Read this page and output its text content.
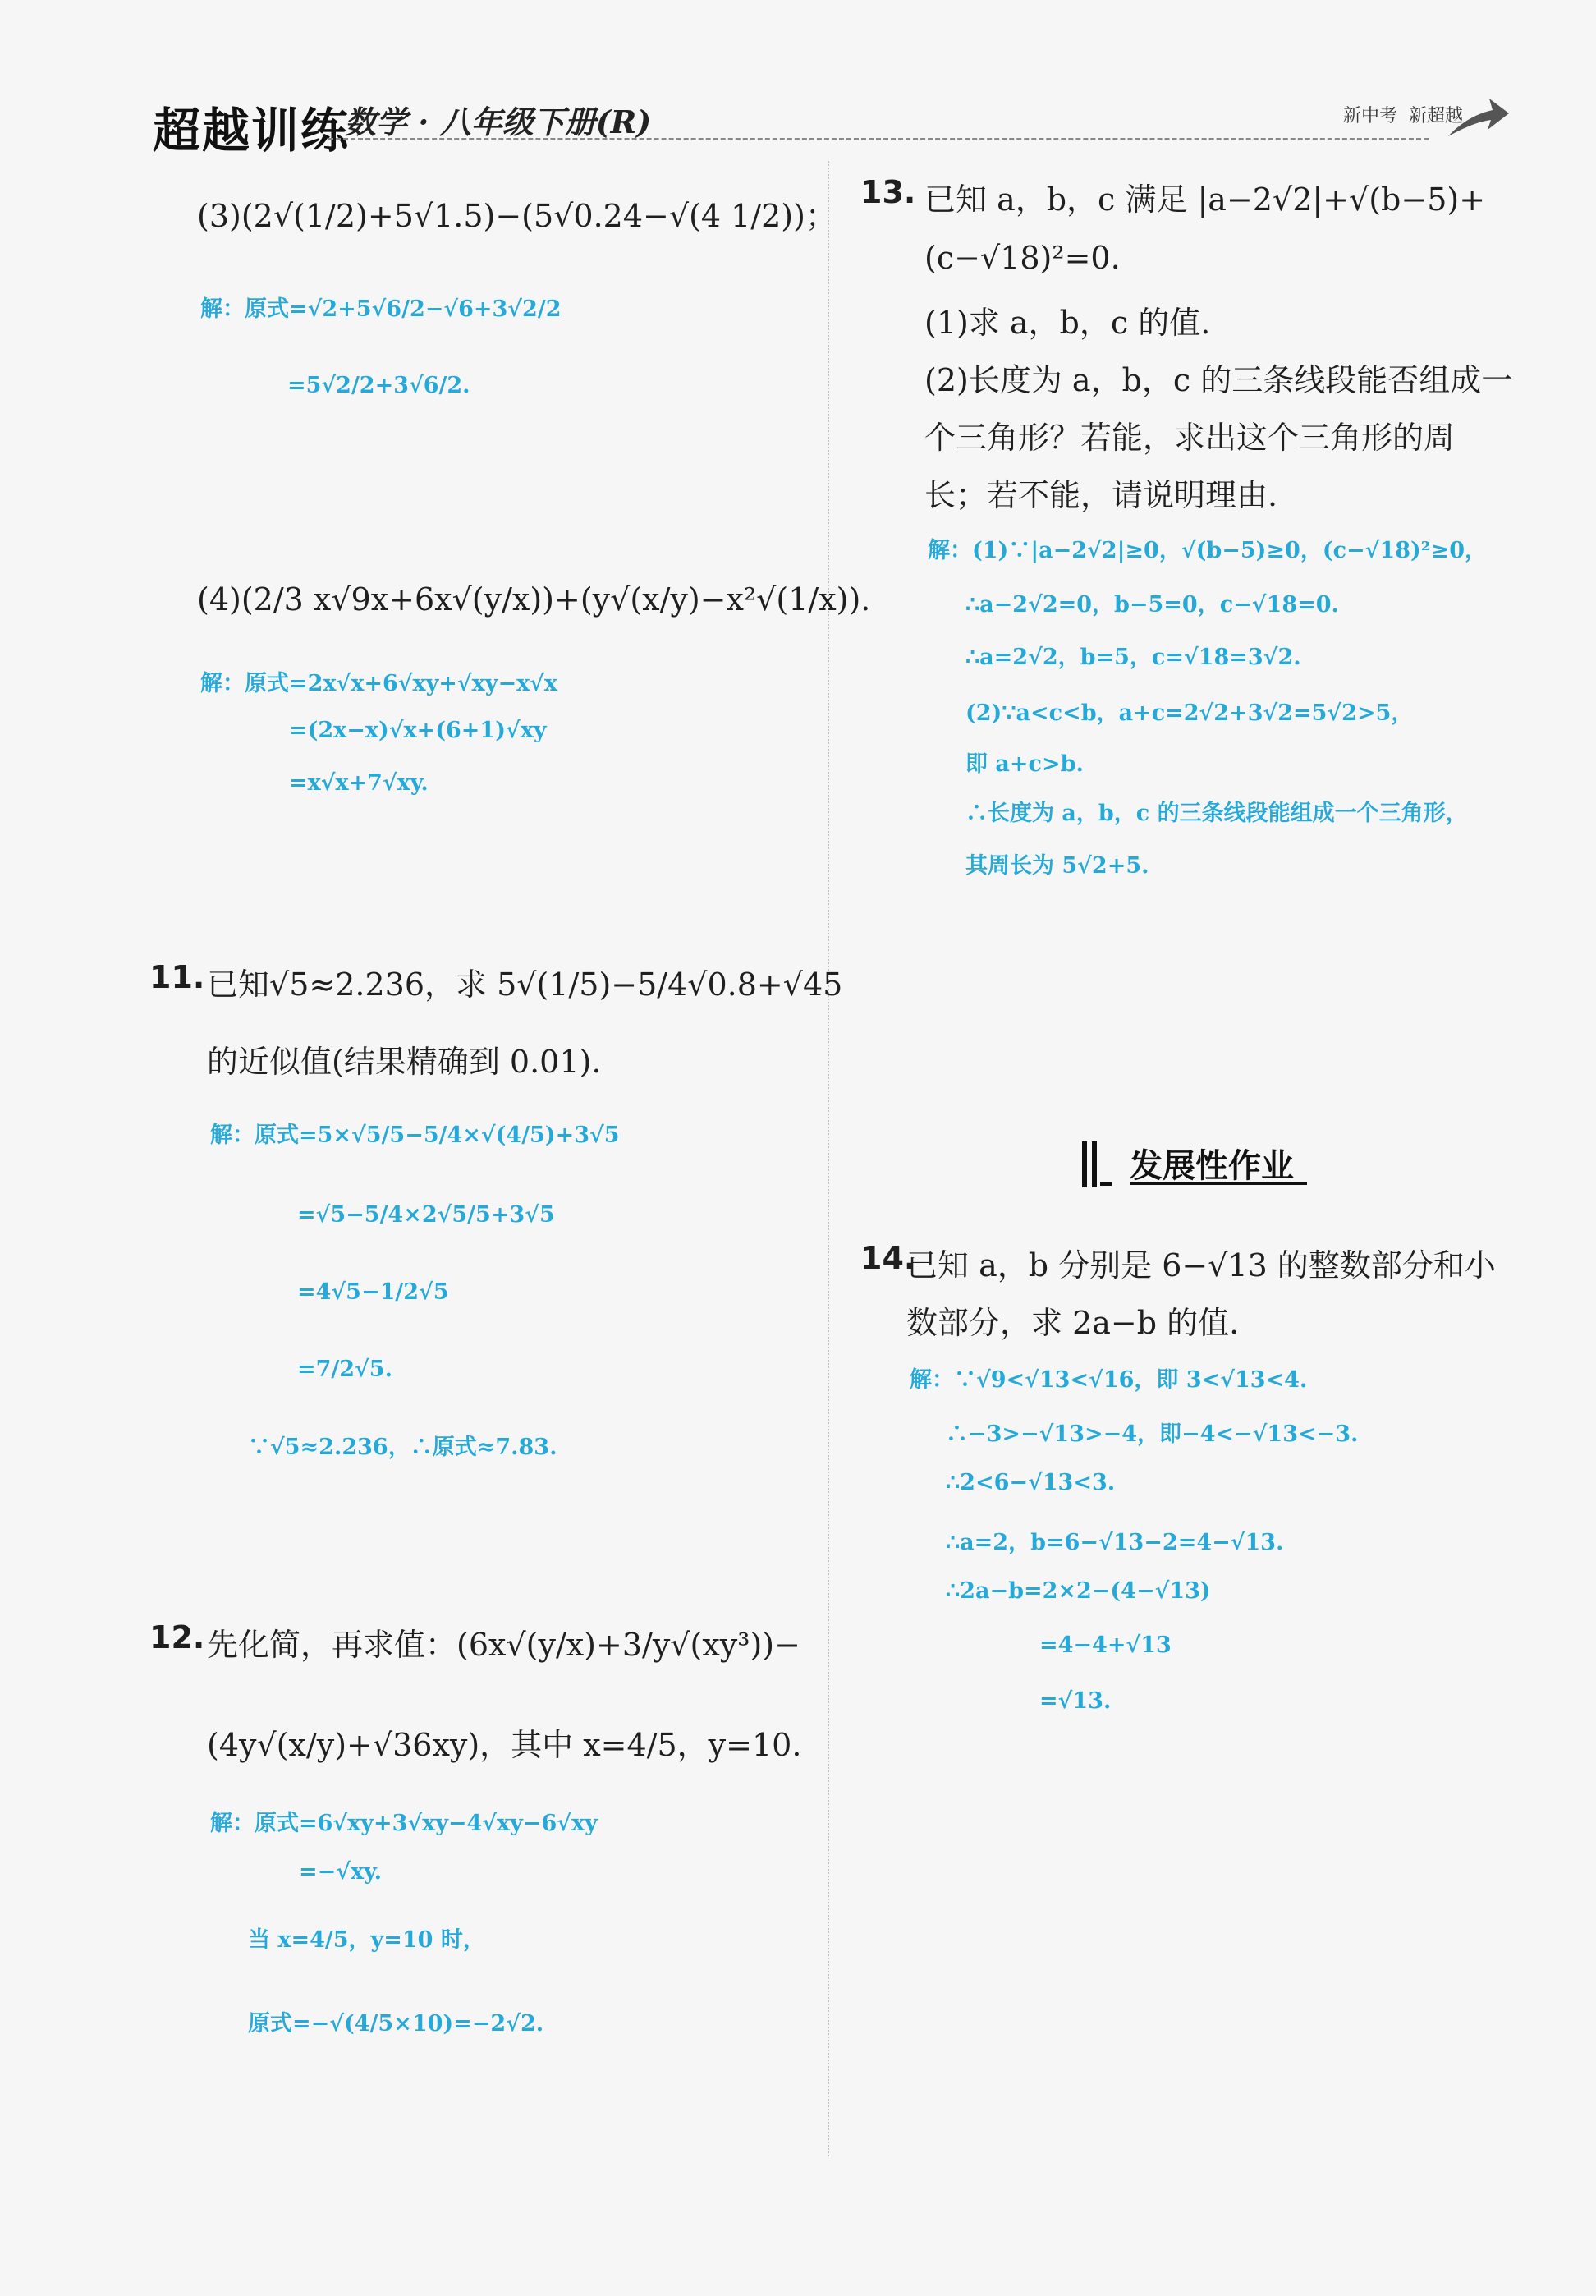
超越训练
数学 · 八年级下册(R)	新中考 新超越
(3)(2√(1/2)+5√1.5)−(5√0.24−√(4 1/2))；
解：原式=√2+5√6/2−√6+3√2/2
=5√2/2+3√6/2.
(4)(2/3 x√9x+6x√(y/x))+(y√(x/y)−x²√(1/x)).
解：原式=2x√x+6√xy+√xy−x√x
=(2x−x)√x+(6+1)√xy
=x√x+7√xy.
11. 已知√5≈2.236，求 5√(1/5)−5/4√0.8+√45
的近似值(结果精确到 0.01).
解：原式=5×√5/5−5/4×√(4/5)+3√5
=√5−5/4×2√5/5+3√5
=4√5−1/2√5
=7/2√5.
∵√5≈2.236，∴原式≈7.83.
12. 先化简，再求值：(6x√(y/x)+3/y√(xy³))−
(4y√(x/y)+√36xy)，其中 x=4/5，y=10.
解：原式=6√xy+3√xy−4√xy−6√xy
=−√xy.
当 x=4/5，y=10 时，
原式=−√(4/5×10)=−2√2.
13. 已知 a，b，c 满足 |a−2√2|+√(b−5)+
(c−√18)²=0.
(1)求 a，b，c 的值.
(2)长度为 a，b，c 的三条线段能否组成一
个三角形？若能，求出这个三角形的周
长；若不能，请说明理由.
解：(1)∵|a−2√2|≥0，√(b−5)≥0，(c−√18)²≥0，
∴a−2√2=0，b−5=0，c−√18=0.
∴a=2√2，b=5，c=√18=3√2.
(2)∵a<c<b，a+c=2√2+3√2=5√2>5，
即 a+c>b.
∴长度为 a，b，c 的三条线段能组成一个三角形，
其周长为 5√2+5.
发展性作业
14.
已知 a，b 分别是 6−√13 的整数部分和小
数部分，求 2a−b 的值.
解：∵√9<√13<√16，即 3<√13<4.
∴−3>−√13>−4，即−4<−√13<−3.
∴2<6−√13<3.
∴a=2，b=6−√13−2=4−√13.
∴2a−b=2×2−(4−√13)
=4−4+√13
=√13.
